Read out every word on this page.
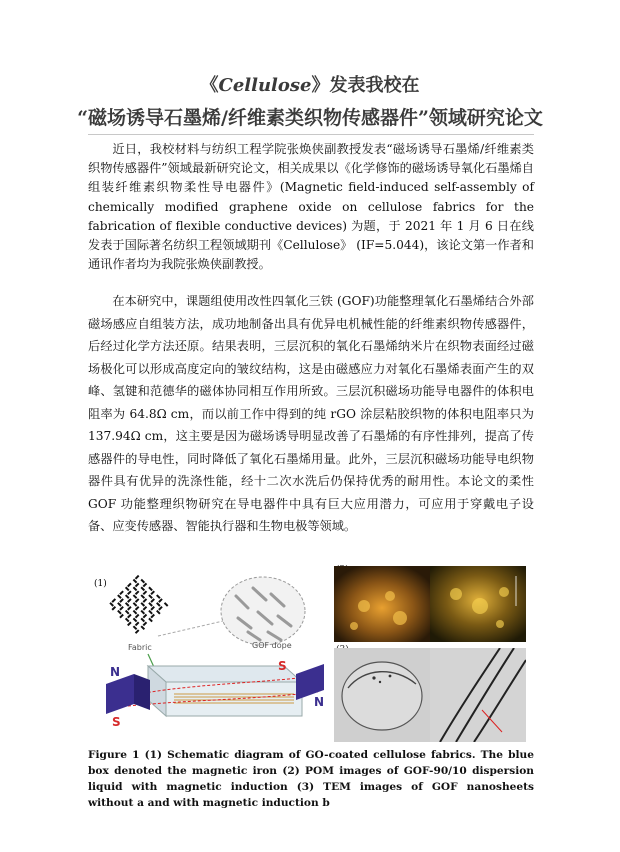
《Cellulose》发表我校在
“磁场诱导石墨烯/纤维素类织物传感器件”领域研究论文

近日，我校材料与纺织工程学院张焕侠副教授发表“磁场诱导石墨烯/纤维素类织物传感器件”领域最新研究论文，相关成果以《化学修饰的磁场诱导氧化石墨烯自组装纤维素织物柔性导电器件》(Magnetic field-induced self-assembly of chemically modified graphene oxide on cellulose fabrics for the fabrication of flexible conductive devices) 为题，于 2021 年 1 月 6 日在线发表于国际著名纺织工程领域期刊《Cellulose》 (IF=5.044)，该论文第一作者和通讯作者均为我院张焕侠副教授。

在本研究中，课题组使用改性四氧化三铁 (GOF)功能整理氧化石墨烯结合外部磁场感应自组装方法，成功地制备出具有优异电机械性能的纤维素织物传感器件，后经过化学方法还原。结果表明，三层沉积的氧化石墨烯纳米片在织物表面经过磁场极化可以形成高度定向的皱纹结构，这是由磁感应力对氧化石墨烯表面产生的双峰、氢键和范德华的磁体协同相互作用所致。三层沉积磁场功能导电器件的体积电阻率为 64.8Ω cm，而以前工作中得到的纯 rGO 涂层粘胶织物的体积电阻率只为 137.94Ω cm，这主要是因为磁场诱导明显改善了石墨烯的有序性排列，提高了传感器件的导电性，同时降低了氧化石墨烯用量。此外，三层沉积磁场功能导电织物器件具有优异的洗涤性能，经十二次水洗后仍保持优秀的耐用性。本论文的柔性 GOF 功能整理织物研究在导电器件中具有巨大应用潜力，可应用于穿戴电子设备、应变传感器、智能执行器和生物电极等领域。

(1)
Fabric	GOF dope
N
S
S
N

Figure 1 (1) Schematic diagram of GO-coated cellulose fabrics. The blue box denoted the magnetic iron (2) POM images of GOF-90/10 dispersion liquid with magnetic induction (3) TEM images of GOF nanosheets without a and with magnetic induction b
